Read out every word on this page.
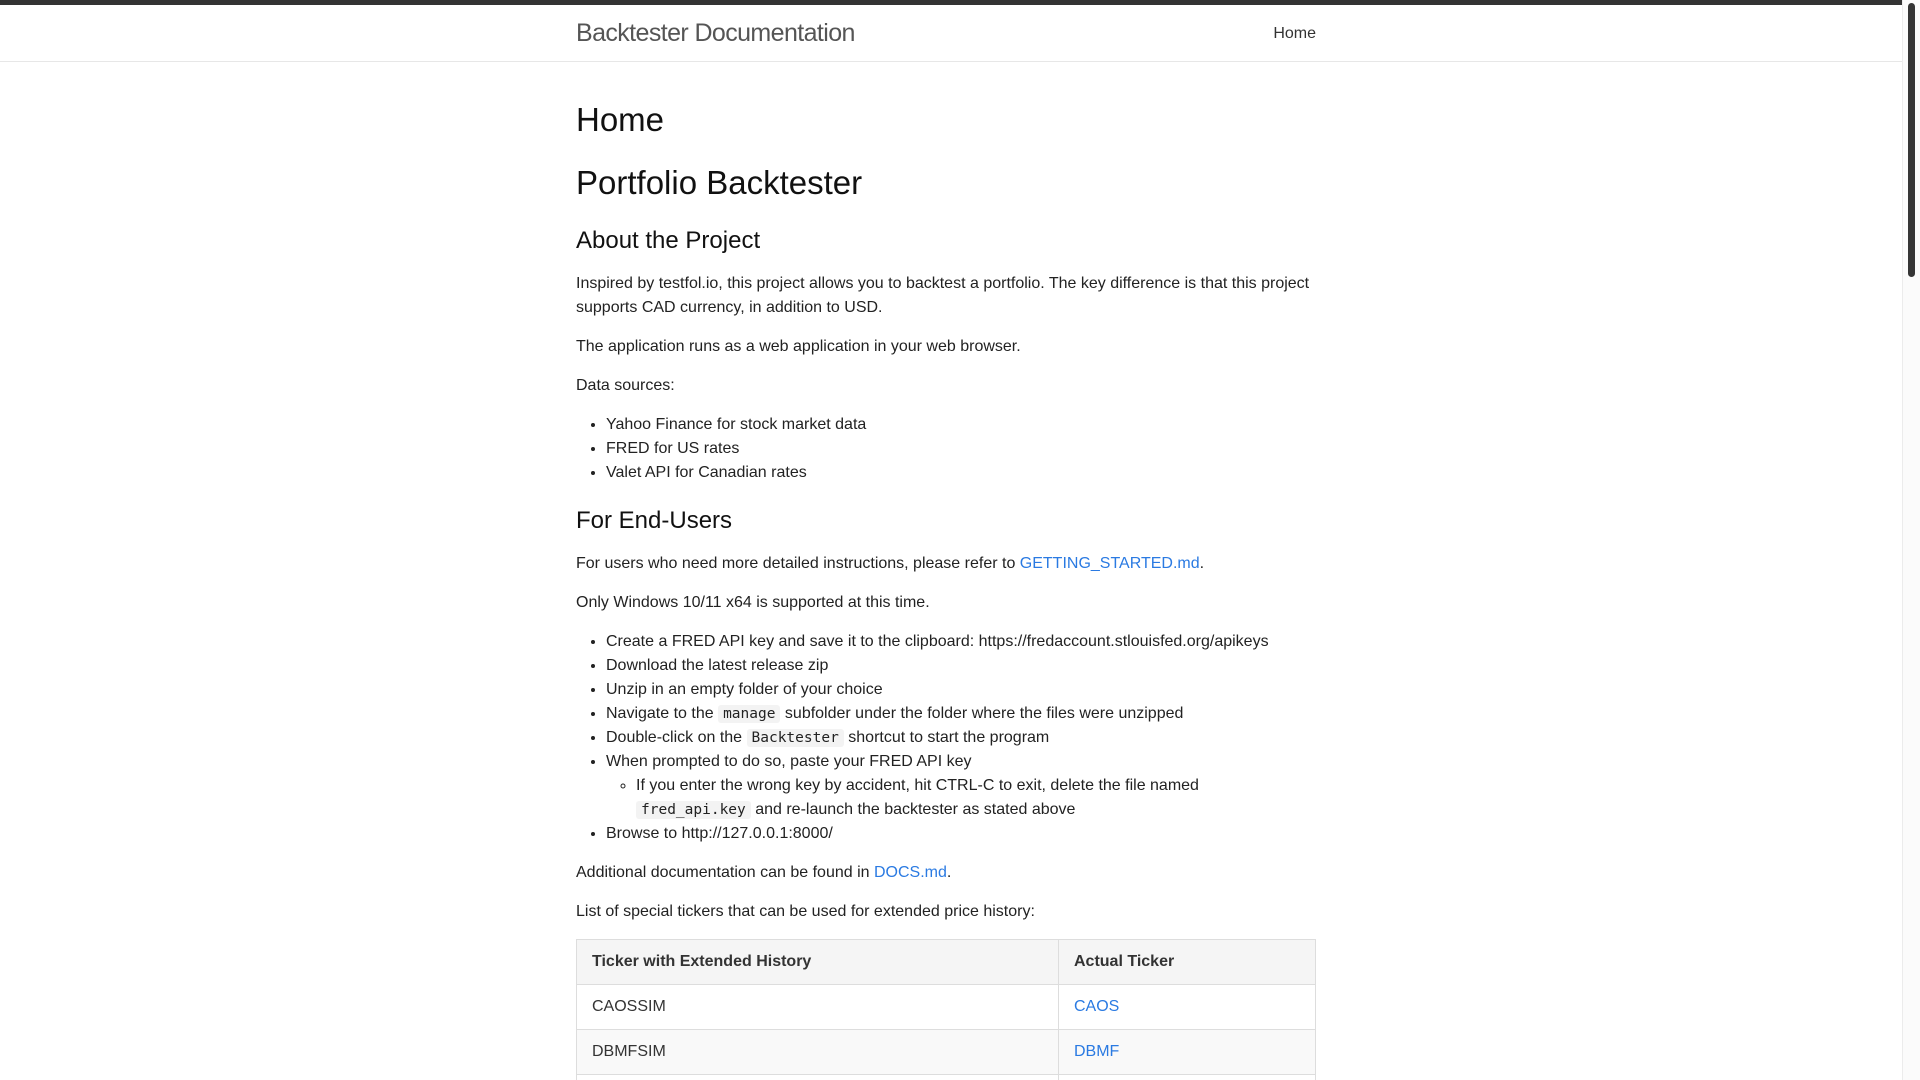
Backtester Documentation	Home
Home
Portfolio Backtester
About the Project

Inspired by testfol.io, this project allows you to backtest a portfolio. The key difference is that this project supports CAD currency, in addition to USD.

The application runs as a web application in your web browser.

Data sources:

• Yahoo Finance for stock market data
• FRED for US rates
• Valet API for Canadian rates
For End-Users

For users who need more detailed instructions, please refer to GETTING_STARTED.md.

Only Windows 10/11 x64 is supported at this time.

• Create a FRED API key and save it to the clipboard: https://fredaccount.stlouisfed.org/apikeys
• Download the latest release zip
• Unzip in an empty folder of your choice
• Navigate to the manage subfolder under the folder where the files were unzipped
• Double-click on the Backtester shortcut to start the program
• When prompted to do so, paste your FRED API key
◦ If you enter the wrong key by accident, hit CTRL-C to exit, delete the file named fred_api.key and re-launch the backtester as stated above
• Browse to http://127.0.0.1:8000/

Additional documentation can be found in DOCS.md.

List of special tickers that can be used for extended price history:

Ticker with Extended History	Actual Ticker
CAOSSIM	CAOS
DBMFSIM	DBMF
